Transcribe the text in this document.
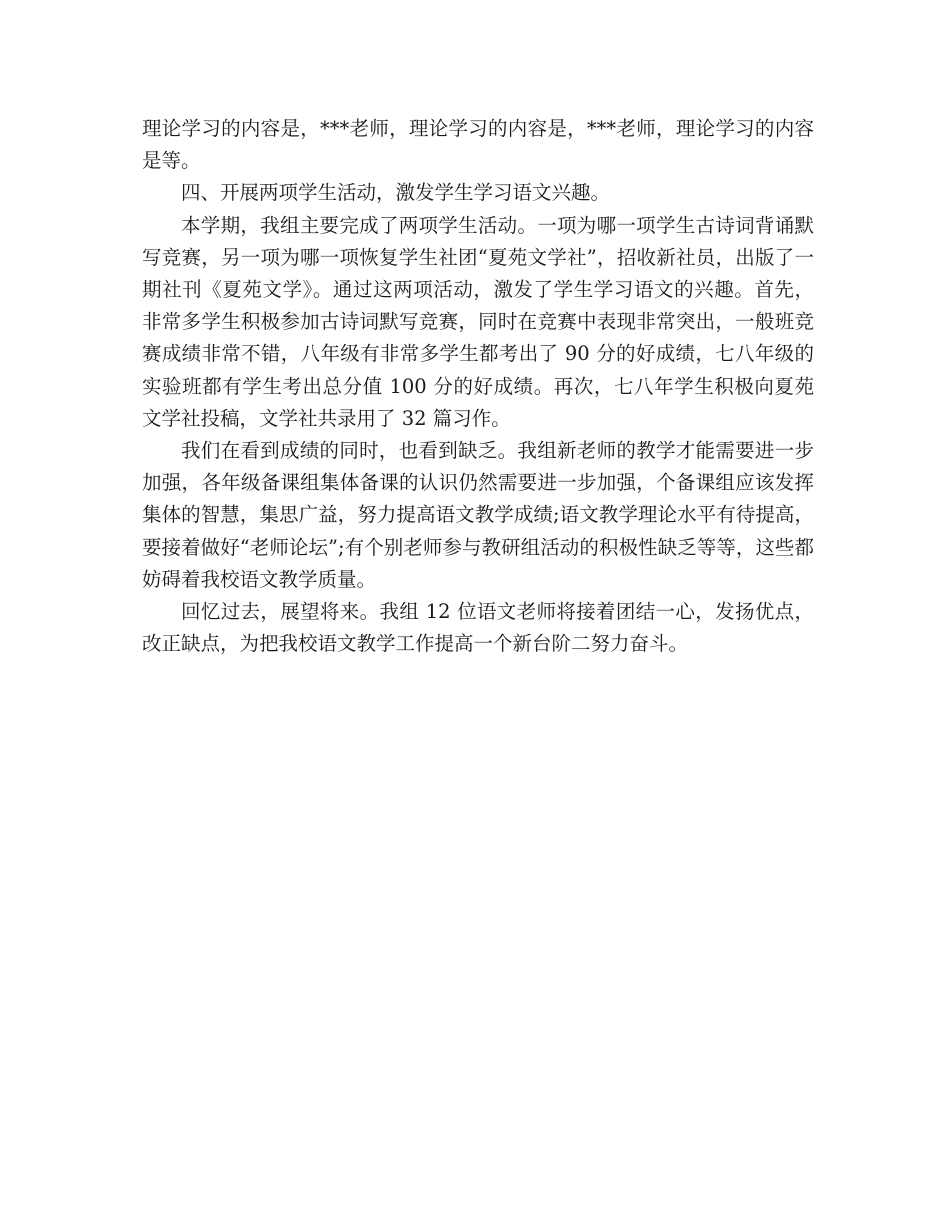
理论学习的内容是，***老师，理论学习的内容是，***老师，理论学习的内容是等。

四、开展两项学生活动，激发学生学习语文兴趣。

本学期，我组主要完成了两项学生活动。一项为哪一项学生古诗词背诵默写竞赛，另一项为哪一项恢复学生社团“夏苑文学社”，招收新社员，出版了一期社刊《夏苑文学》。通过这两项活动，激发了学生学习语文的兴趣。首先，非常多学生积极参加古诗词默写竞赛，同时在竞赛中表现非常突出，一般班竞赛成绩非常不错，八年级有非常多学生都考出了 90 分的好成绩，七八年级的实验班都有学生考出总分值 100 分的好成绩。再次，七八年学生积极向夏苑文学社投稿，文学社共录用了 32 篇习作。

我们在看到成绩的同时，也看到缺乏。我组新老师的教学才能需要进一步加强，各年级备课组集体备课的认识仍然需要进一步加强，个备课组应该发挥集体的智慧，集思广益，努力提高语文教学成绩;语文教学理论水平有待提高，要接着做好“老师论坛”;有个别老师参与教研组活动的积极性缺乏等等，这些都妨碍着我校语文教学质量。

回忆过去，展望将来。我组 12 位语文老师将接着团结一心，发扬优点，改正缺点，为把我校语文教学工作提高一个新台阶二努力奋斗。
